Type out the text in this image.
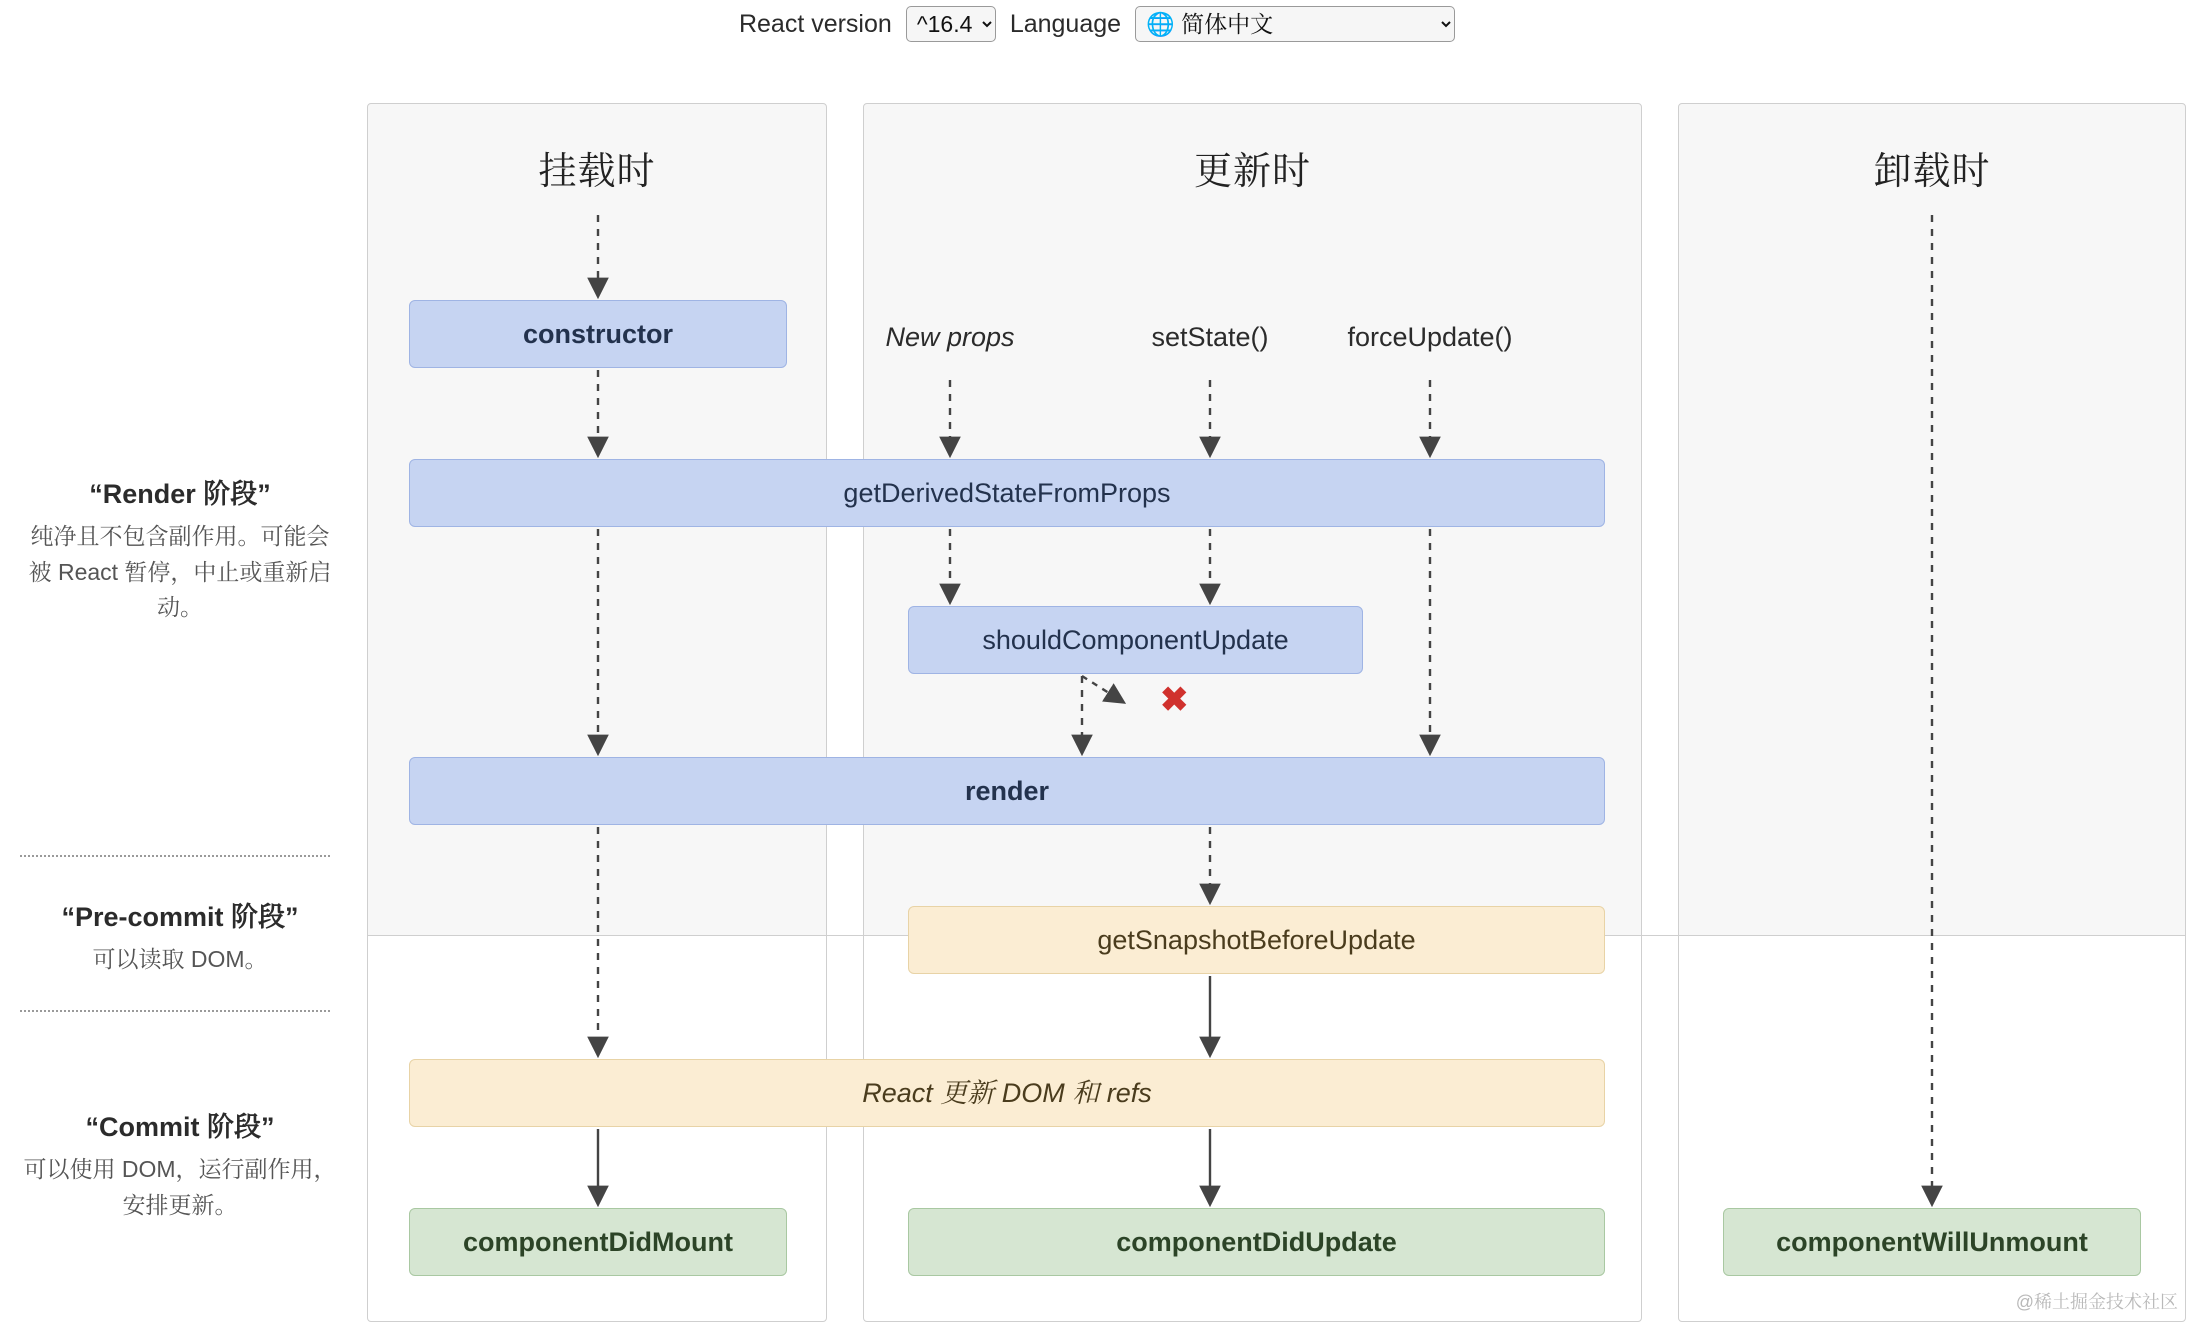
React version
^16.4	Language
🌐 简体中文
挂载时	更新时	卸载时
New props	setState()	forceUpdate()
✖
constructor
getDerivedStateFromProps
shouldComponentUpdate
render
getSnapshotBeforeUpdate
React 更新 DOM 和 refs
componentDidMount	componentDidUpdate	componentWillUnmount
“Render 阶段”
纯净且不包含副作用。可能会被 React 暂停，中止或重新启动。
“Pre-commit 阶段”
可以读取 DOM。
“Commit 阶段”
可以使用 DOM，运行副作用，安排更新。
@稀土掘金技术社区
